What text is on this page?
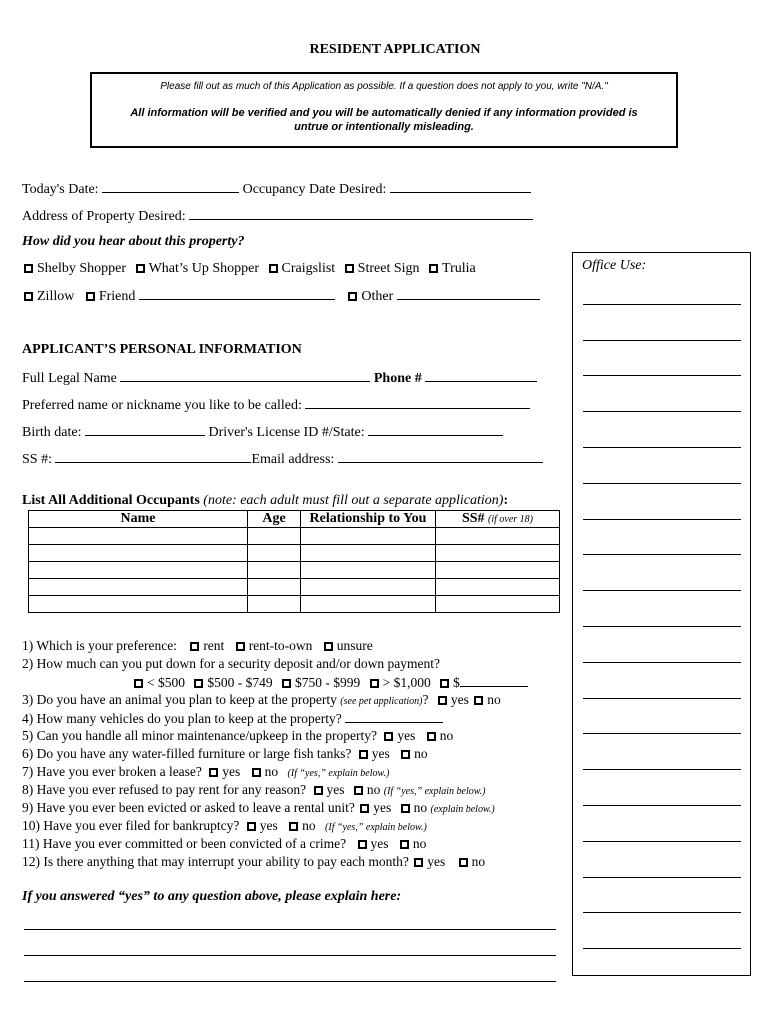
RESIDENT APPLICATION
Please fill out as much of this Application as possible. If a question does not apply to you, write "N/A."
All information will be verified and you will be automatically denied if any information provided is untrue or intentionally misleading.
Today's Date:	Occupancy Date Desired:
Address of Property Desired:
How did you hear about this property?
Shelby Shopper What’s Up Shopper Craigslist Street Sign Trulia
Zillow Friend	Other
Office Use:
APPLICANT’S PERSONAL INFORMATION
Full Legal Name	Phone #
Preferred name or nickname you like to be called:
Birth date:	Driver's License ID #/State:
SS #:	Email address:
List All Additional Occupants (note: each adult must fill out a separate application):
Name	Age	Relationship to You	SS# (if over 18)

1) Which is your preference: rent rent-to-own unsure
2) How much can you put down for a security deposit and/or down payment?
< $500 $500 - $749 $750 - $999 > $1,000 $
3) Do you have an animal you plan to keep at the property (see pet application)? yes no
4) How many vehicles do you plan to keep at the property?
5) Can you handle all minor maintenance/upkeep in the property? yes no
6) Do you have any water-filled furniture or large fish tanks? yes no
7) Have you ever broken a lease? yes no (If “yes,” explain below.)
8) Have you ever refused to pay rent for any reason? yes no (If “yes,” explain below.)
9) Have you ever been evicted or asked to leave a rental unit? yes no (explain below.)
10) Have you ever filed for bankruptcy? yes no (If “yes,” explain below.)
11) Have you ever committed or been convicted of a crime? yes no
12) Is there anything that may interrupt your ability to pay each month? yes no
If you answered “yes” to any question above, please explain here:
